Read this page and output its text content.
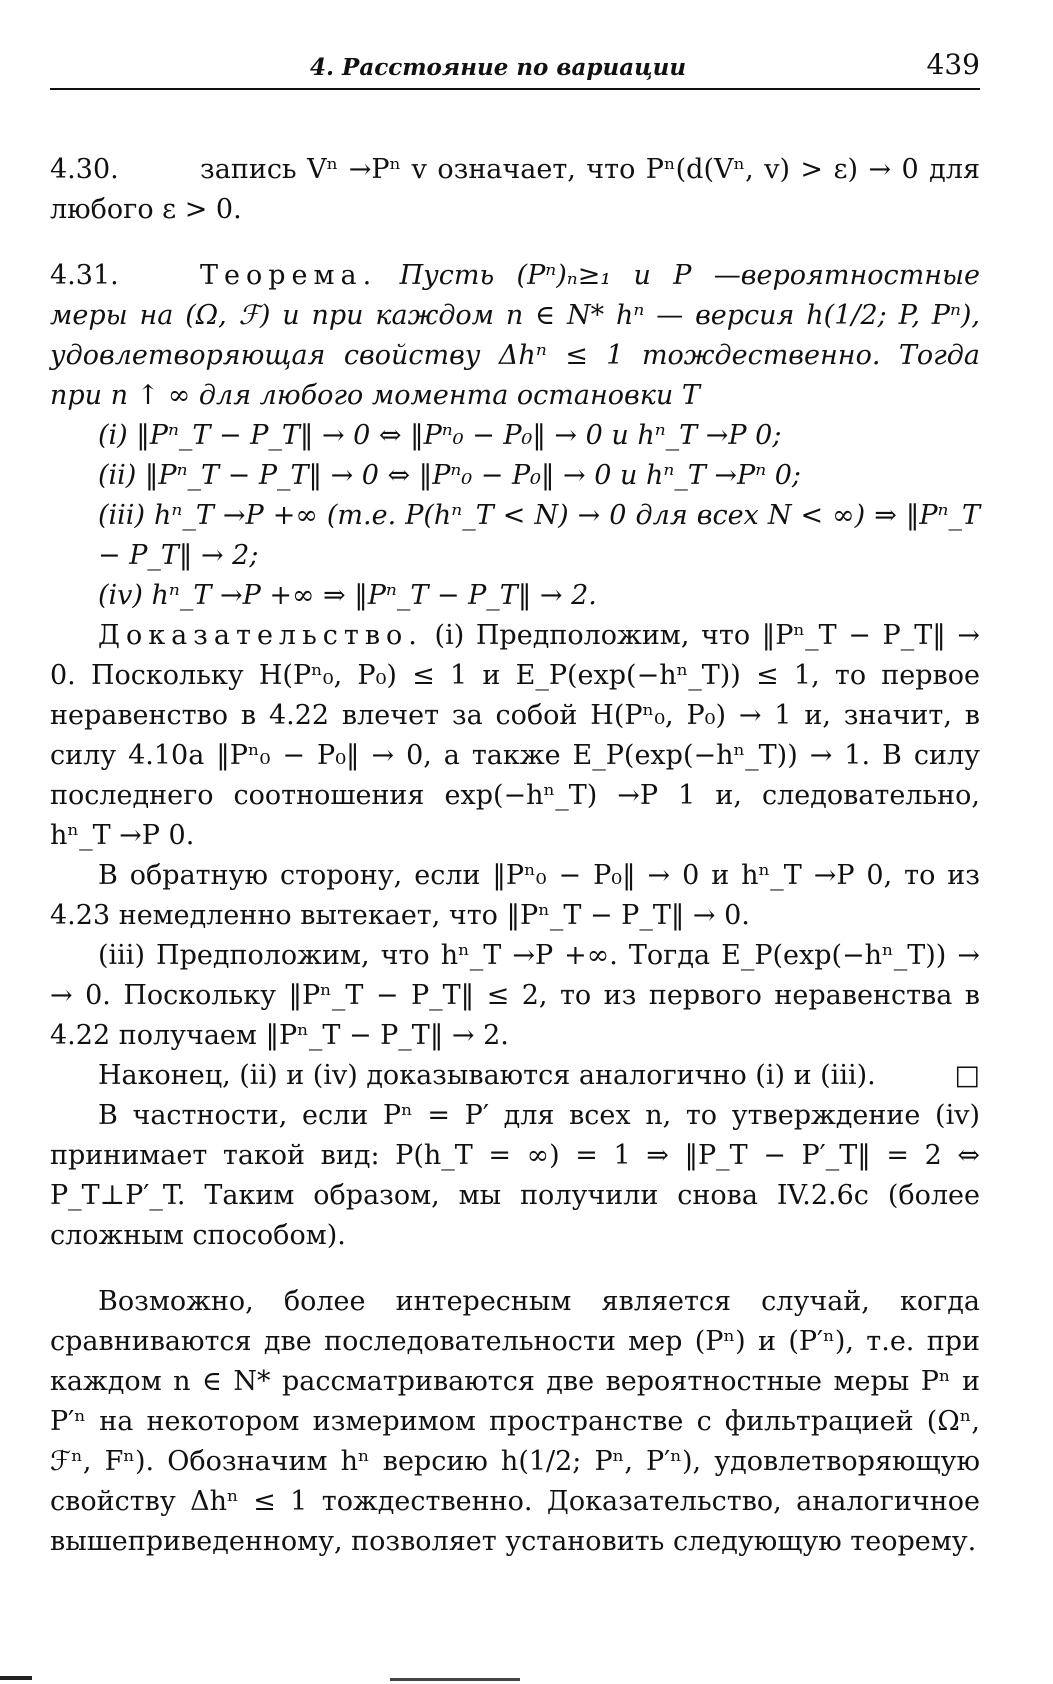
4. Расстояние по вариации	439

4.30.	запись Vⁿ →Pⁿ v означает, что Pⁿ(d(Vⁿ, v) > ε) → 0 для любого ε > 0.

4.31.	Теорема. Пусть (Pⁿ)ₙ≥₁ и P —вероятностные меры на (Ω, ℱ) и при каждом n ∈ N* hⁿ — версия h(1/2; P, Pⁿ), удовлетворяющая свойству Δhⁿ ≤ 1 тождественно. Тогда при n ↑ ∞ для любого момента остановки T

(i) ‖Pⁿ_T − P_T‖ → 0 ⇔ ‖Pⁿ₀ − P₀‖ → 0 и hⁿ_T →P 0;

(ii) ‖Pⁿ_T − P_T‖ → 0 ⇔ ‖Pⁿ₀ − P₀‖ → 0 и hⁿ_T →Pⁿ 0;

(iii) hⁿ_T →P +∞ (т.е. P(hⁿ_T < N) → 0 для всех N < ∞) ⇒ ‖Pⁿ_T − P_T‖ → 2;

(iv) hⁿ_T →P +∞ ⇒ ‖Pⁿ_T − P_T‖ → 2.

Доказательство. (i) Предположим, что ‖Pⁿ_T − P_T‖ → 0. Поскольку H(Pⁿ₀, P₀) ≤ 1 и E_P(exp(−hⁿ_T)) ≤ 1, то первое неравенство в 4.22 влечет за собой H(Pⁿ₀, P₀) → 1 и, значит, в силу 4.10а ‖Pⁿ₀ − P₀‖ → 0, а также E_P(exp(−hⁿ_T)) → 1. В силу последнего соотношения exp(−hⁿ_T) →P 1 и, следовательно, hⁿ_T →P 0.

В обратную сторону, если ‖Pⁿ₀ − P₀‖ → 0 и hⁿ_T →P 0, то из 4.23 немедленно вытекает, что ‖Pⁿ_T − P_T‖ → 0.

(iii) Предположим, что hⁿ_T →P +∞. Тогда E_P(exp(−hⁿ_T)) → → 0. Поскольку ‖Pⁿ_T − P_T‖ ≤ 2, то из первого неравенства в 4.22 получаем ‖Pⁿ_T − P_T‖ → 2.

Наконец, (ii) и (iv) доказываются аналогично (i) и (iii).	□

В частности, если Pⁿ = P′ для всех n, то утверждение (iv) принимает такой вид: P(h_T = ∞) = 1 ⇒ ‖P_T − P′_T‖ = 2 ⇔ P_T⊥P′_T. Таким образом, мы получили снова IV.2.6c (более сложным способом).

Возможно, более интересным является случай, когда сравниваются две последовательности мер (Pⁿ) и (P′ⁿ), т.е. при каждом n ∈ N* рассматриваются две вероятностные меры Pⁿ и P′ⁿ на некотором измеримом пространстве с фильтрацией (Ωⁿ, ℱⁿ, Fⁿ). Обозначим hⁿ версию h(1/2; Pⁿ, P′ⁿ), удовлетворяющую свойству Δhⁿ ≤ 1 тождественно. Доказательство, аналогичное вышеприведенному, позволяет установить следующую теорему.
